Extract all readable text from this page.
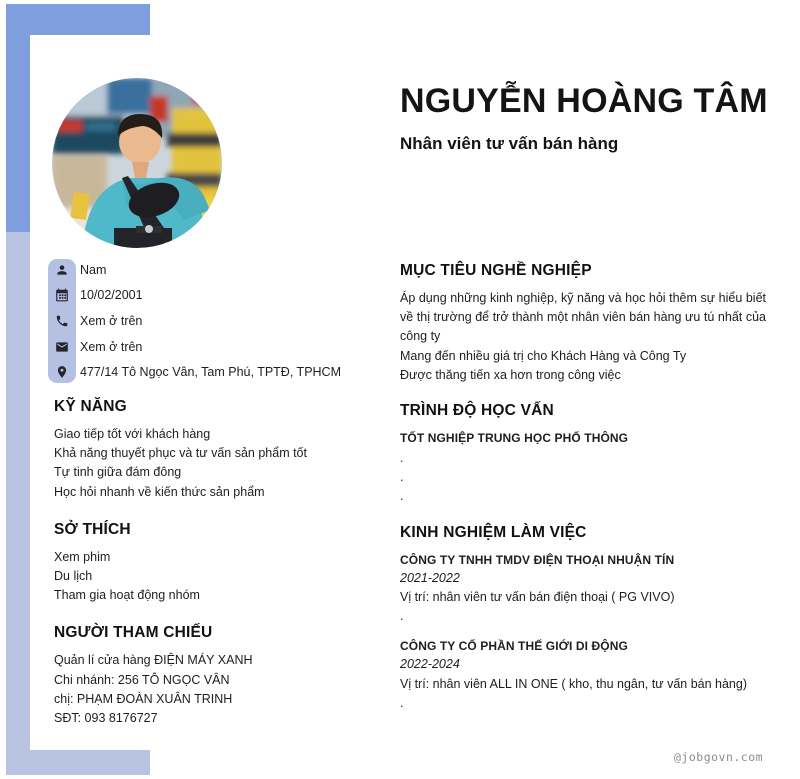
NGUYỄN HOÀNG TÂM
Nhân viên tư vấn bán hàng
Nam
10/02/2001
Xem ở trên
Xem ở trên
477/14 Tô Ngọc Vân, Tam Phú, TPTĐ, TPHCM
KỸ NĂNG
Giao tiếp tốt với khách hàng
Khả năng thuyết phục và tư vấn sản phẩm tốt
Tự tinh giữa đám đông
Học hỏi nhanh về kiến thức sản phẩm
SỞ THÍCH
Xem phim
Du lịch
Tham gia hoạt động nhóm
NGƯỜI THAM CHIẾU
Quản lí cửa hàng ĐIỆN MÁY XANH
Chi nhánh: 256 TÔ NGỌC VÂN
chị: PHẠM ĐOÀN XUÂN TRINH
SĐT: 093 8176727
MỤC TIÊU NGHỀ NGHIỆP
Áp dụng những kinh nghiệp, kỹ năng và học hỏi thêm sự hiểu biết về thị trường để trở thành một nhân viên bán hàng ưu tú nhất của công ty
Mang đến nhiều giá trị cho Khách Hàng và Công Ty
Được thăng tiến xa hơn trong công việc
TRÌNH ĐỘ HỌC VẤN
TỐT NGHIỆP TRUNG HỌC PHỔ THÔNG
.
.
.
KINH NGHIỆM LÀM VIỆC
CÔNG TY TNHH TMDV ĐIỆN THOẠI NHUẬN TÍN
2021-2022
Vị trí: nhân viên tư vấn bán điện thoại ( PG VIVO)
.
CÔNG TY CỔ PHẦN THẾ GIỚI DI ĐỘNG
2022-2024
Vị trí: nhân viên ALL IN ONE ( kho, thu ngân, tư vấn bán hàng)
.
@jobgovn.com
